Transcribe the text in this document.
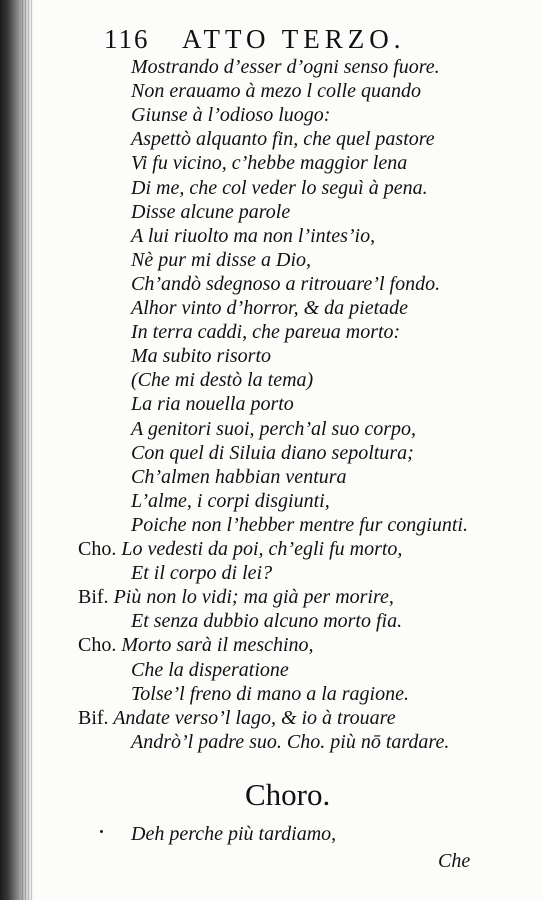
116 ATTO TERZO.
Mostrando d’esser d’ogni senso fuore.
Non erauamo à mezo l colle quando
Giunse à l’odioso luogo:
Aspettò alquanto fin, che quel pastore
Vi fu vicino, c’hebbe maggior lena
Di me, che col veder lo seguì à pena.
Disse alcune parole
A lui riuolto ma non l’intes’io,
Nè pur mi disse a Dio,
Ch’andò sdegnoso a ritrouare’l fondo.
Alhor vinto d’horror, & da pietade
In terra caddi, che pareua morto:
Ma subito risorto
(Che mi destò la tema)
La ria nouella porto
A genitori suoi, perch’al suo corpo,
Con quel di Siluia diano sepoltura;
Ch’almen habbian ventura
L’alme, i corpi disgiunti,
Poiche non l’hebber mentre fur congiunti.
Cho. Lo vedesti da poi, ch’egli fu morto,
Et il corpo di lei?
Bif. Più non lo vidi; ma già per morire,
Et senza dubbio alcuno morto fia.
Cho. Morto sarà il meschino,
Che la disperatione
Tolse’l freno di mano a la ragione.
Bif. Andate verso’l lago, & io à trouare
Andrò’l padre suo. Cho. più nō tardare.
Choro.
Deh perche più tardiamo,
Che
